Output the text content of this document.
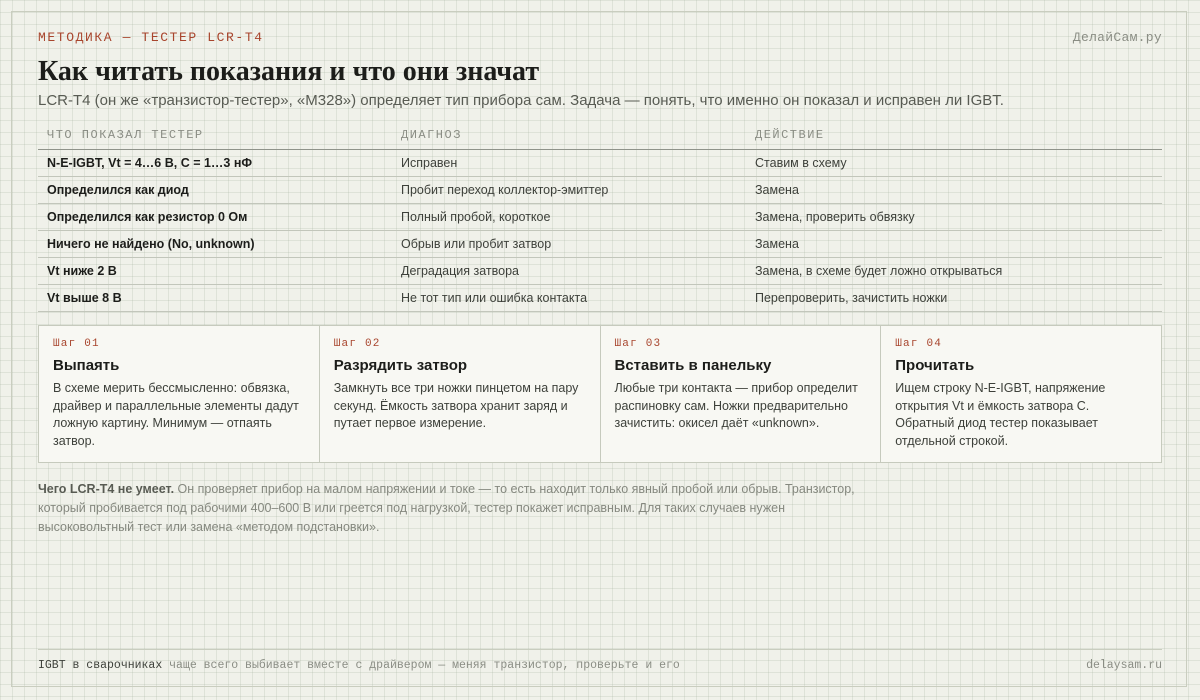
МЕТОДИКА — ТЕСТЕР LCR-T4	ДелайСам.ру
Как читать показания и что они значат
LCR-T4 (он же «транзистор-тестер», «M328») определяет тип прибора сам. Задача — понять, что именно он показал и исправен ли IGBT.
ЧТО ПОКАЗАЛ ТЕСТЕР	ДИАГНОЗ	ДЕЙСТВИЕ
N-E-IGBT, Vt = 4…6 В, C = 1…3 нФ	Исправен	Ставим в схему
Определился как диод	Пробит переход коллектор-эмиттер	Замена
Определился как резистор 0 Ом	Полный пробой, короткое	Замена, проверить обвязку
Ничего не найдено (No, unknown)	Обрыв или пробит затвор	Замена
Vt ниже 2 В	Деградация затвора	Замена, в схеме будет ложно открываться
Vt выше 8 В	Не тот тип или ошибка контакта	Перепроверить, зачистить ножки
Шаг 01
Выпаять
В схеме мерить бессмысленно: обвязка, драйвер и параллельные элементы дадут ложную картину. Минимум — отпаять затвор.
Шаг 02
Разрядить затвор
Замкнуть все три ножки пинцетом на пару секунд. Ёмкость затвора хранит заряд и путает первое измерение.
Шаг 03
Вставить в панельку
Любые три контакта — прибор определит распиновку сам. Ножки предварительно зачистить: окисел даёт «unknown».
Шаг 04
Прочитать
Ищем строку N-E-IGBT, напряжение открытия Vt и ёмкость затвора C. Обратный диод тестер показывает отдельной строкой.
Чего LCR-T4 не умеет. Он проверяет прибор на малом напряжении и токе — то есть находит только явный пробой или обрыв. Транзистор, который пробивается под рабочими 400–600 В или греется под нагрузкой, тестер покажет исправным. Для таких случаев нужен высоковольтный тест или замена «методом подстановки».
IGBT в сварочниках чаще всего выбивает вместе с драйвером — меняя транзистор, проверьте и его	delaysam.ru
